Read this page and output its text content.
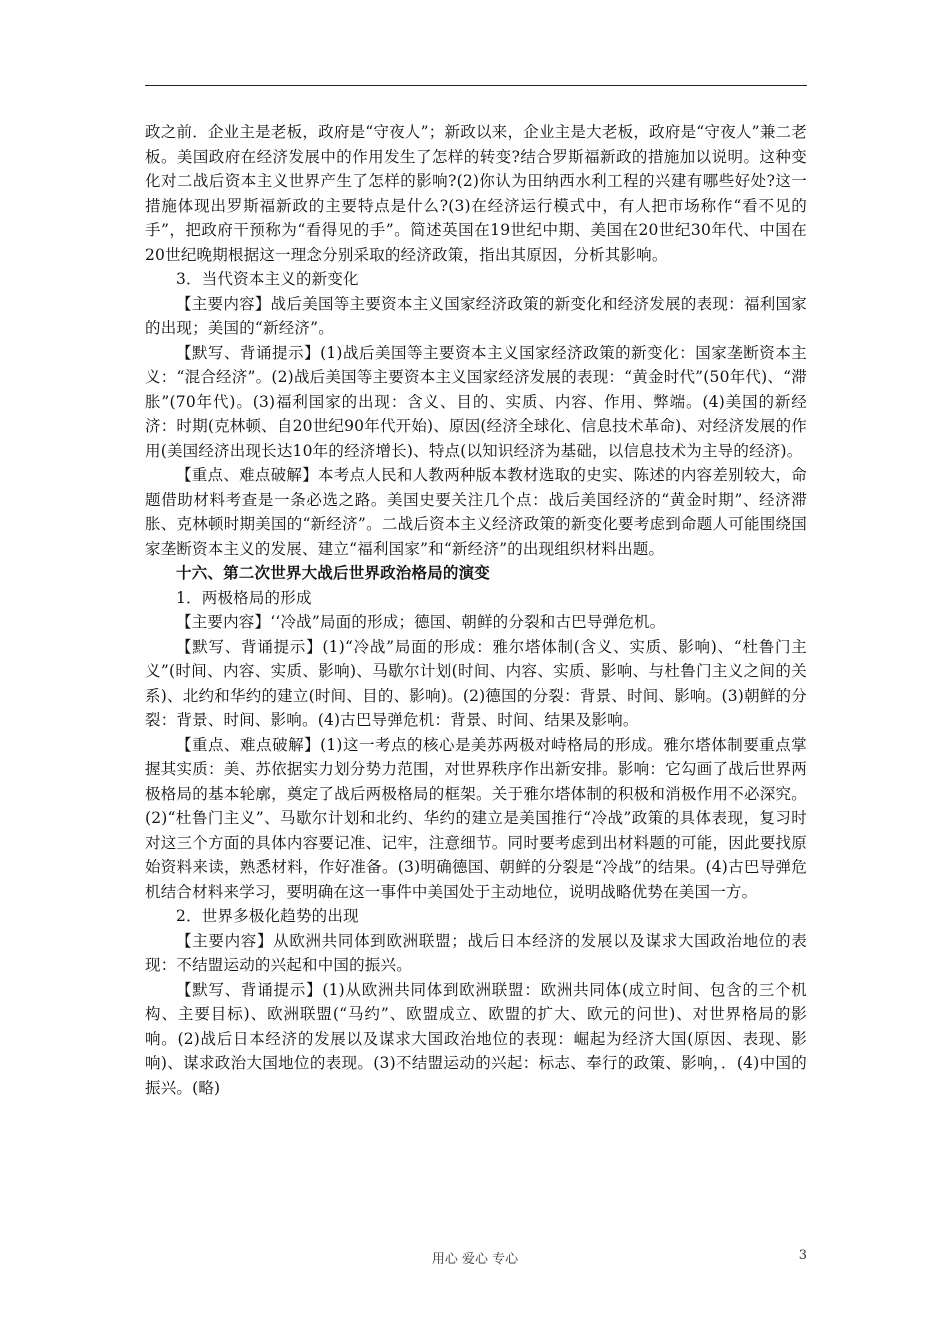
政之前．企业主是老板，政府是“守夜人”；新政以来，企业主是大老板，政府是“守夜人”兼二老板。美国政府在经济发展中的作用发生了怎样的转变?结合罗斯福新政的措施加以说明。这种变化对二战后资本主义世界产生了怎样的影响?(2)你认为田纳西水利工程的兴建有哪些好处?这一措施体现出罗斯福新政的主要特点是什么?(3)在经济运行模式中，有人把市场称作“看不见的手”，把政府干预称为“看得见的手”。简述英国在19世纪中期、美国在20世纪30年代、中国在20世纪晚期根据这一理念分别采取的经济政策，指出其原因，分析其影响。

3．当代资本主义的新变化

【主要内容】战后美国等主要资本主义国家经济政策的新变化和经济发展的表现：福利国家的出现；美国的“新经济”。

【默写、背诵提示】(1)战后美国等主要资本主义国家经济政策的新变化：国家垄断资本主义：“混合经济”。(2)战后美国等主要资本主义国家经济发展的表现：“黄金时代”(50年代)、“滞胀”(70年代)。(3)福利国家的出现：含义、目的、实质、内容、作用、弊端。(4)美国的新经济：时期(克林顿、自20世纪90年代开始)、原因(经济全球化、信息技术革命)、对经济发展的作用(美国经济出现长达10年的经济增长)、特点(以知识经济为基础，以信息技术为主导的经济)。

【重点、难点破解】本考点人民和人教两种版本教材选取的史实、陈述的内容差别较大，命题借助材料考查是一条必选之路。美国史要关注几个点：战后美国经济的“黄金时期”、经济滞胀、克林顿时期美国的“新经济”。二战后资本主义经济政策的新变化要考虑到命题人可能围绕国家垄断资本主义的发展、建立“福利国家”和“新经济”的出现组织材料出题。

十六、第二次世界大战后世界政治格局的演变

1．两极格局的形成

【主要内容】‘‘冷战”局面的形成；德国、朝鲜的分裂和古巴导弹危机。

【默写、背诵提示】(1)“冷战”局面的形成：雅尔塔体制(含义、实质、影响)、“杜鲁门主义”(时间、内容、实质、影响)、马歇尔计划(时间、内容、实质、影响、与杜鲁门主义之间的关系)、北约和华约的建立(时间、目的、影响)。(2)德国的分裂：背景、时间、影响。(3)朝鲜的分裂：背景、时间、影响。(4)古巴导弹危机：背景、时间、结果及影响。

【重点、难点破解】(1)这一考点的核心是美苏两极对峙格局的形成。雅尔塔体制要重点掌握其实质：美、苏依据实力划分势力范围，对世界秩序作出新安排。影响：它勾画了战后世界两极格局的基本轮廓，奠定了战后两极格局的框架。关于雅尔塔体制的积极和消极作用不必深究。(2)“杜鲁门主义”、马歇尔计划和北约、华约的建立是美国推行“冷战”政策的具体表现，复习时对这三个方面的具体内容要记准、记牢，注意细节。同时要考虑到出材料题的可能，因此要找原始资料来读，熟悉材料，作好准备。(3)明确德国、朝鲜的分裂是“冷战”的结果。(4)古巴导弹危机结合材料来学习，要明确在这一事件中美国处于主动地位，说明战略优势在美国一方。

2．世界多极化趋势的出现

【主要内容】从欧洲共同体到欧洲联盟；战后日本经济的发展以及谋求大国政治地位的表现：不结盟运动的兴起和中国的振兴。

【默写、背诵提示】(1)从欧洲共同体到欧洲联盟：欧洲共同体(成立时间、包含的三个机构、主要目标)、欧洲联盟(“马约”、欧盟成立、欧盟的扩大、欧元的问世)、对世界格局的影响。(2)战后日本经济的发展以及谋求大国政治地位的表现：崛起为经济大国(原因、表现、影响)、谋求政治大国地位的表现。(3)不结盟运动的兴起：标志、奉行的政策、影响，．(4)中国的振兴。(略)

用心 爱心 专心	3
